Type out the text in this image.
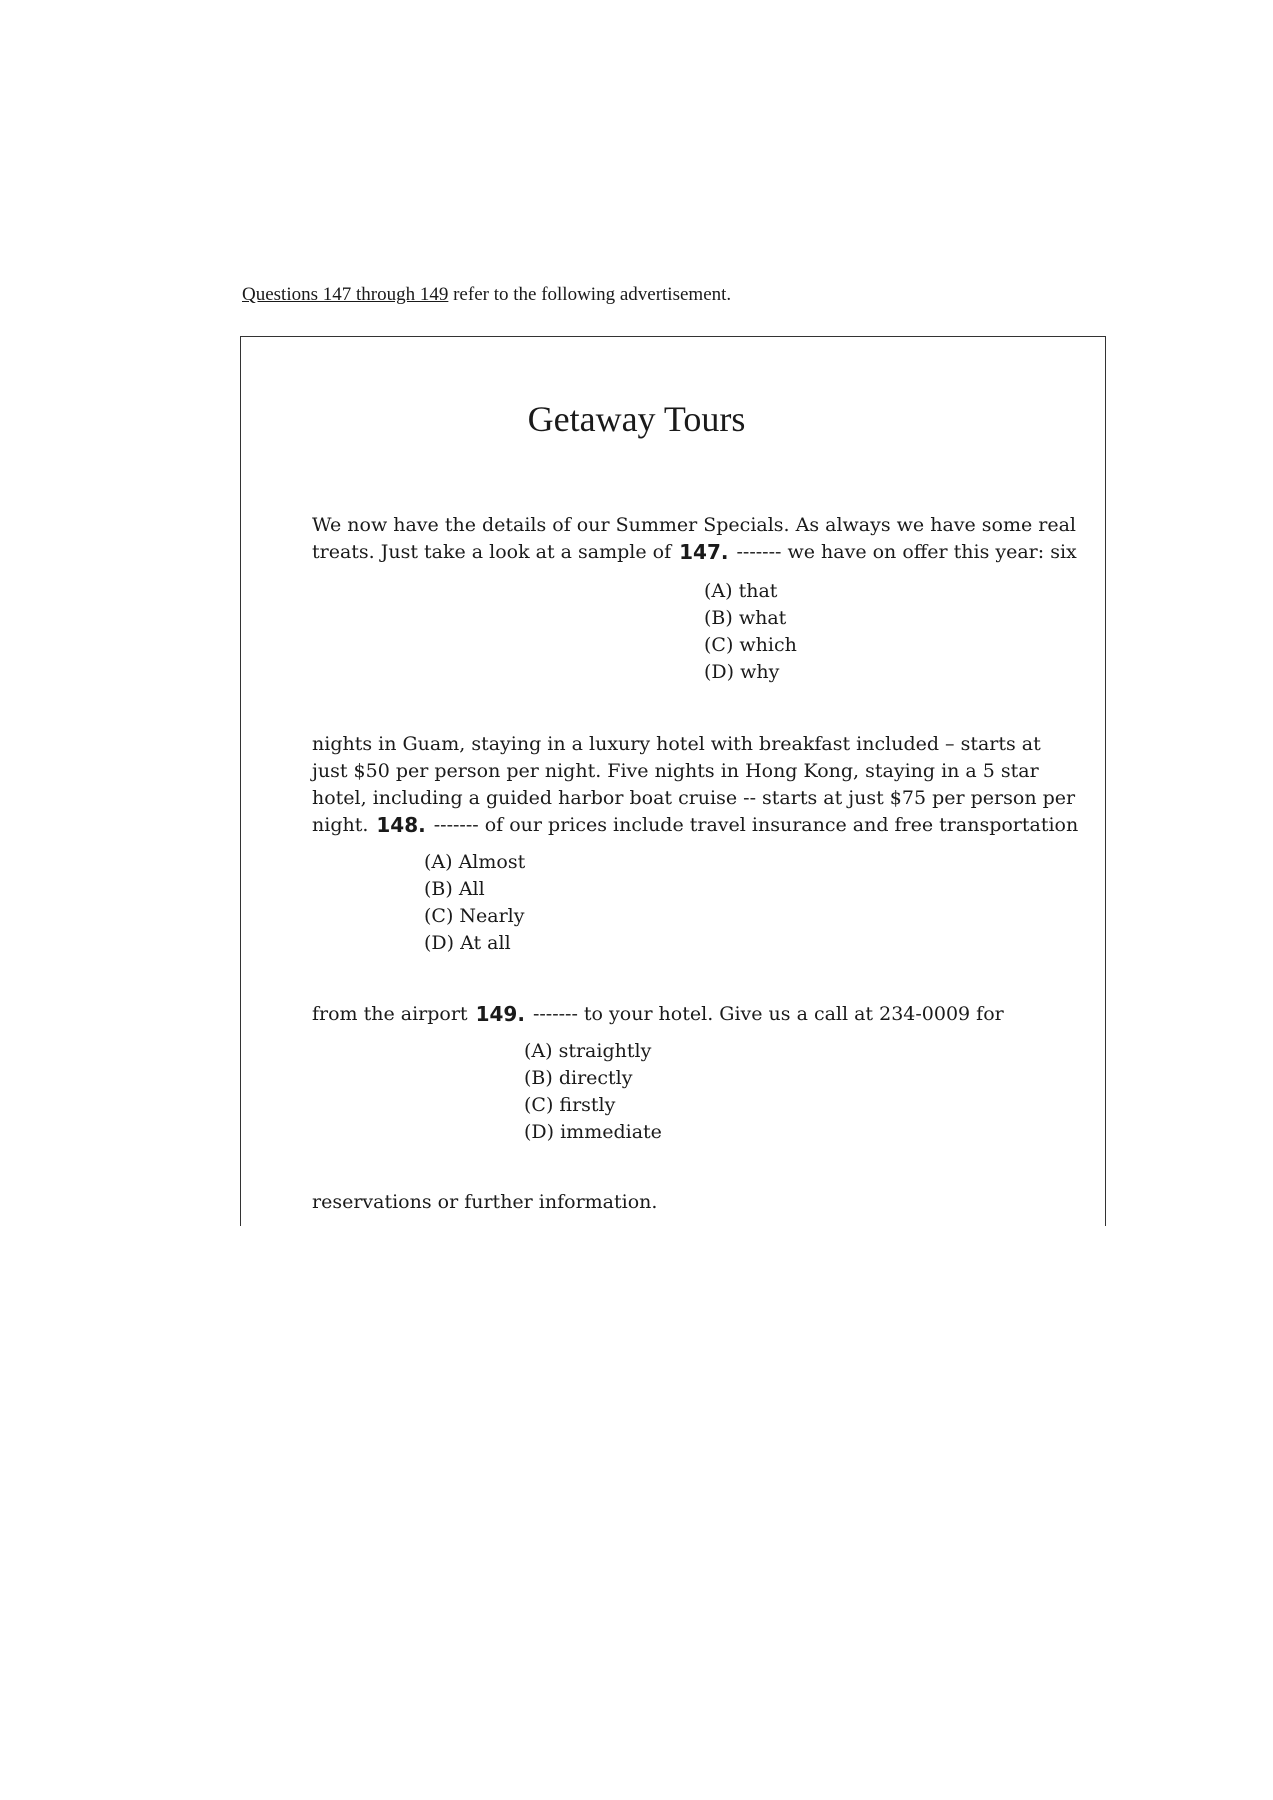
Questions 147 through 149 refer to the following advertisement.
Getaway Tours
We now have the details of our Summer Specials. As always we have some real
treats. Just take a look at a sample of 147. ------- we have on offer this year: six
(A) that
(B) what
(C) which
(D) why
nights in Guam, staying in a luxury hotel with breakfast included – starts at
just $50 per person per night. Five nights in Hong Kong, staying in a 5 star
hotel, including a guided harbor boat cruise -- starts at just $75 per person per
night. 148. ------- of our prices include travel insurance and free transportation
(A) Almost
(B) All
(C) Nearly
(D) At all
from the airport 149. ------- to your hotel. Give us a call at 234-0009 for
(A) straightly
(B) directly
(C) firstly
(D) immediate
reservations or further information.
